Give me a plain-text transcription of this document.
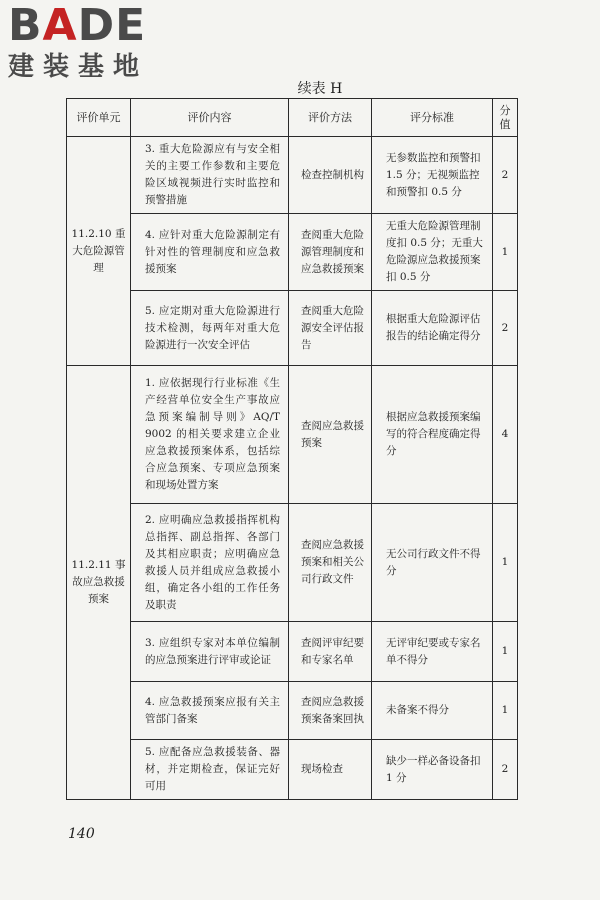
BADE
建装基地
续表 H
评价单元	评价内容	评价方法	评分标准	分值
11.2.10 重大危险源管理	3. 重大危险源应有与安全相关的主要工作参数和主要危险区域视频进行实时监控和预警措施	检查控制机构	无参数监控和预警扣 1.5 分；无视频监控和预警扣 0.5 分	2
	4. 应针对重大危险源制定有针对性的管理制度和应急救援预案	查阅重大危险源管理制度和应急救援预案	无重大危险源管理制度扣 0.5 分；无重大危险源应急救援预案扣 0.5 分	1
	5. 应定期对重大危险源进行技术检测，每两年对重大危险源进行一次安全评估	查阅重大危险源安全评估报告	根据重大危险源评估报告的结论确定得分	2
11.2.11 事故应急救援预案	1. 应依据现行行业标准《生产经营单位安全生产事故应急预案编制导则》AQ/T 9002 的相关要求建立企业应急救援预案体系，包括综合应急预案、专项应急预案和现场处置方案	查阅应急救援预案	根据应急救援预案编写的符合程度确定得分	4
	2. 应明确应急救援指挥机构总指挥、副总指挥、各部门及其相应职责；应明确应急救援人员并组成应急救援小组，确定各小组的工作任务及职责	查阅应急救援预案和相关公司行政文件	无公司行政文件不得分	1
	3. 应组织专家对本单位编制的应急预案进行评审或论证	查阅评审纪要和专家名单	无评审纪要或专家名单不得分	1
	4. 应急救援预案应报有关主管部门备案	查阅应急救援预案备案回执	未备案不得分	1
	5. 应配备应急救援装备、器材，并定期检查，保证完好可用	现场检查	缺少一样必备设备扣 1 分	2
140
